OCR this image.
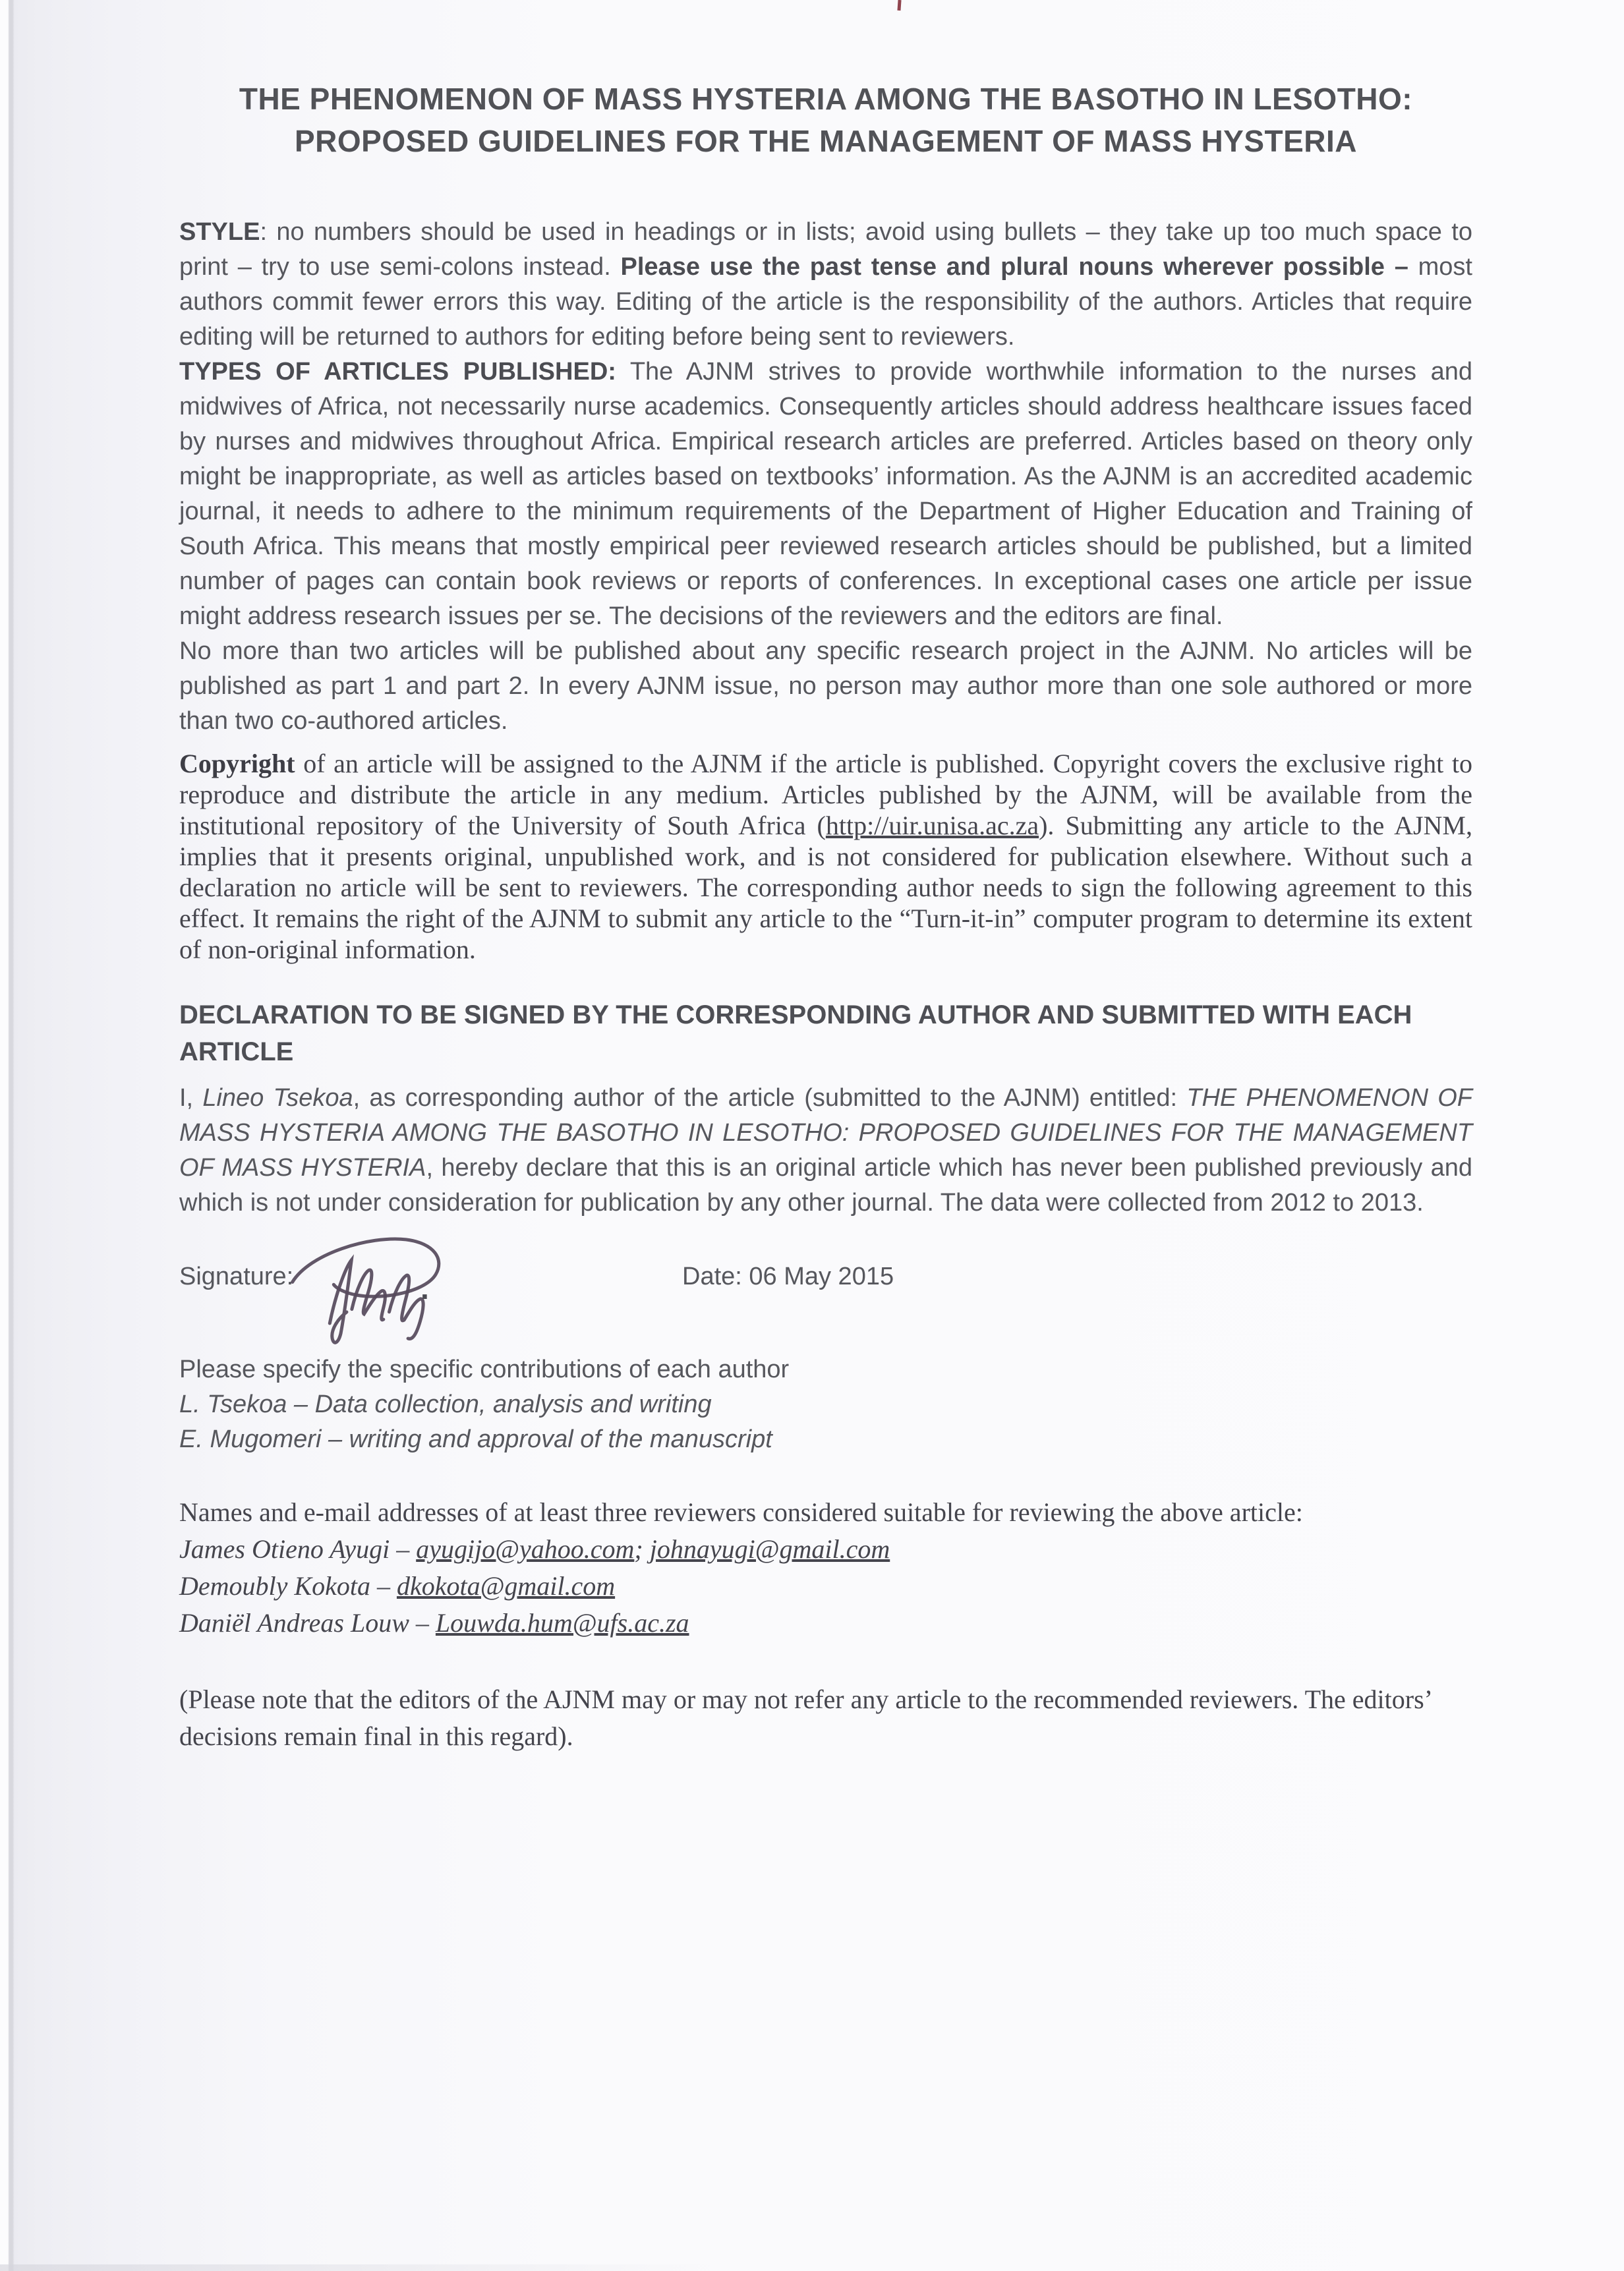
THE PHENOMENON OF MASS HYSTERIA AMONG THE BASOTHO IN LESOTHO:
PROPOSED GUIDELINES FOR THE MANAGEMENT OF MASS HYSTERIA

STYLE: no numbers should be used in headings or in lists; avoid using bullets – they take up too much space to print – try to use semi-colons instead. Please use the past tense and plural nouns wherever possible – most authors commit fewer errors this way. Editing of the article is the responsibility of the authors. Articles that require editing will be returned to authors for editing before being sent to reviewers.

TYPES OF ARTICLES PUBLISHED: The AJNM strives to provide worthwhile information to the nurses and midwives of Africa, not necessarily nurse academics. Consequently articles should address healthcare issues faced by nurses and midwives throughout Africa. Empirical research articles are preferred. Articles based on theory only might be inappropriate, as well as articles based on textbooks’ information. As the AJNM is an accredited academic journal, it needs to adhere to the minimum requirements of the Department of Higher Education and Training of South Africa. This means that mostly empirical peer reviewed research articles should be published, but a limited number of pages can contain book reviews or reports of conferences. In exceptional cases one article per issue might address research issues per se. The decisions of the reviewers and the editors are final.

No more than two articles will be published about any specific research project in the AJNM. No articles will be published as part 1 and part 2. In every AJNM issue, no person may author more than one sole authored or more than two co-authored articles.

Copyright of an article will be assigned to the AJNM if the article is published. Copyright covers the exclusive right to reproduce and distribute the article in any medium. Articles published by the AJNM, will be available from the institutional repository of the University of South Africa (http://uir.unisa.ac.za). Submitting any article to the AJNM, implies that it presents original, unpublished work, and is not considered for publication elsewhere. Without such a declaration no article will be sent to reviewers. The corresponding author needs to sign the following agreement to this effect. It remains the right of the AJNM to submit any article to the “Turn-it-in” computer program to determine its extent of non-original information.

DECLARATION TO BE SIGNED BY THE CORRESPONDING AUTHOR AND SUBMITTED WITH EACH ARTICLE

I, Lineo Tsekoa, as corresponding author of the article (submitted to the AJNM) entitled: THE PHENOMENON OF MASS HYSTERIA AMONG THE BASOTHO IN LESOTHO: PROPOSED GUIDELINES FOR THE MANAGEMENT OF MASS HYSTERIA, hereby declare that this is an original article which has never been published previously and which is not under consideration for publication by any other journal. The data were collected from 2012 to 2013.

Signature:	.	Date: 06 May 2015
Please specify the specific contributions of each author
L. Tsekoa – Data collection, analysis and writing
E. Mugomeri – writing and approval of the manuscript
Names and e-mail addresses of at least three reviewers considered suitable for reviewing the above article:
James Otieno Ayugi – ayugijo@yahoo.com; johnayugi@gmail.com
Demoubly Kokota – dkokota@gmail.com
Daniël Andreas Louw – Louwda.hum@ufs.ac.za

(Please note that the editors of the AJNM may or may not refer any article to the recommended reviewers. The editors’ decisions remain final in this regard).
